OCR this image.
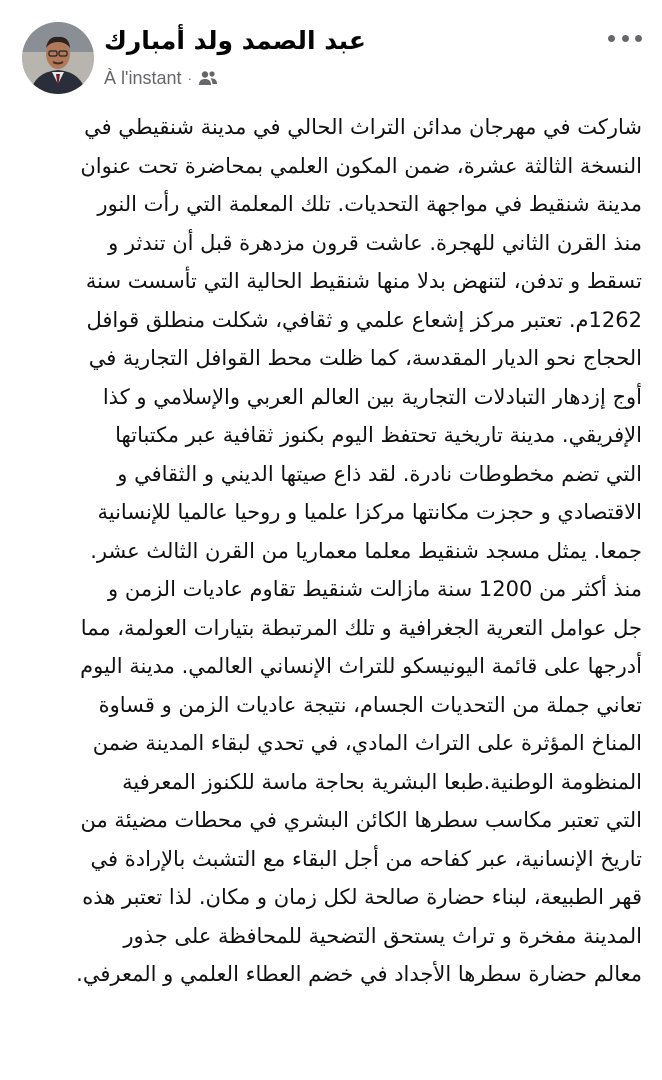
عبد الصمد ولد أمبارك
À l'instant ·
شاركت في مهرجان مدائن التراث الحالي في مدينة شنقيطي في
النسخة الثالثة عشرة، ضمن المكون العلمي بمحاضرة تحت عنوان
مدينة شنقيط في مواجهة التحديات. تلك المعلمة التي رأت النور
منذ القرن الثاني للهجرة. عاشت قرون مزدهرة قبل أن تندثر و
تسقط و تدفن، لتنهض بدلا منها شنقيط الحالية التي تأسست سنة
1262م. تعتبر مركز إشعاع علمي و ثقافي، شكلت منطلق قوافل
الحجاج نحو الديار المقدسة، كما ظلت محط القوافل التجارية في
أوج إزدهار التبادلات التجارية بين العالم العربي والإسلامي و كذا
الإفريقي. مدينة تاريخية تحتفظ اليوم بكنوز ثقافية عبر مكتباتها
التي تضم مخطوطات نادرة. لقد ذاع صيتها الديني و الثقافي و
الاقتصادي و حجزت مكانتها مركزا علميا و روحيا عالميا للإنسانية
جمعا. يمثل مسجد شنقيط معلما معماريا من القرن الثالث عشر.
منذ أكثر من 1200 سنة مازالت شنقيط تقاوم عاديات الزمن و
جل عوامل التعرية الجغرافية و تلك المرتبطة بتيارات العولمة، مما
أدرجها على قائمة اليونيسكو للتراث الإنساني العالمي. مدينة اليوم
تعاني جملة من التحديات الجسام، نتيجة عاديات الزمن و قساوة
المناخ المؤثرة على التراث المادي، في تحدي لبقاء المدينة ضمن
المنظومة الوطنية.طبعا البشرية بحاجة ماسة للكنوز المعرفية
التي تعتبر مكاسب سطرها الكائن البشري في محطات مضيئة من
تاريخ الإنسانية، عبر كفاحه من أجل البقاء مع التشبث بالإرادة في
قهر الطبيعة، لبناء حضارة صالحة لكل زمان و مكان. لذا تعتبر هذه
المدينة مفخرة و تراث يستحق التضحية للمحافظة على جذور
معالم حضارة سطرها الأجداد في خضم العطاء العلمي و المعرفي.
